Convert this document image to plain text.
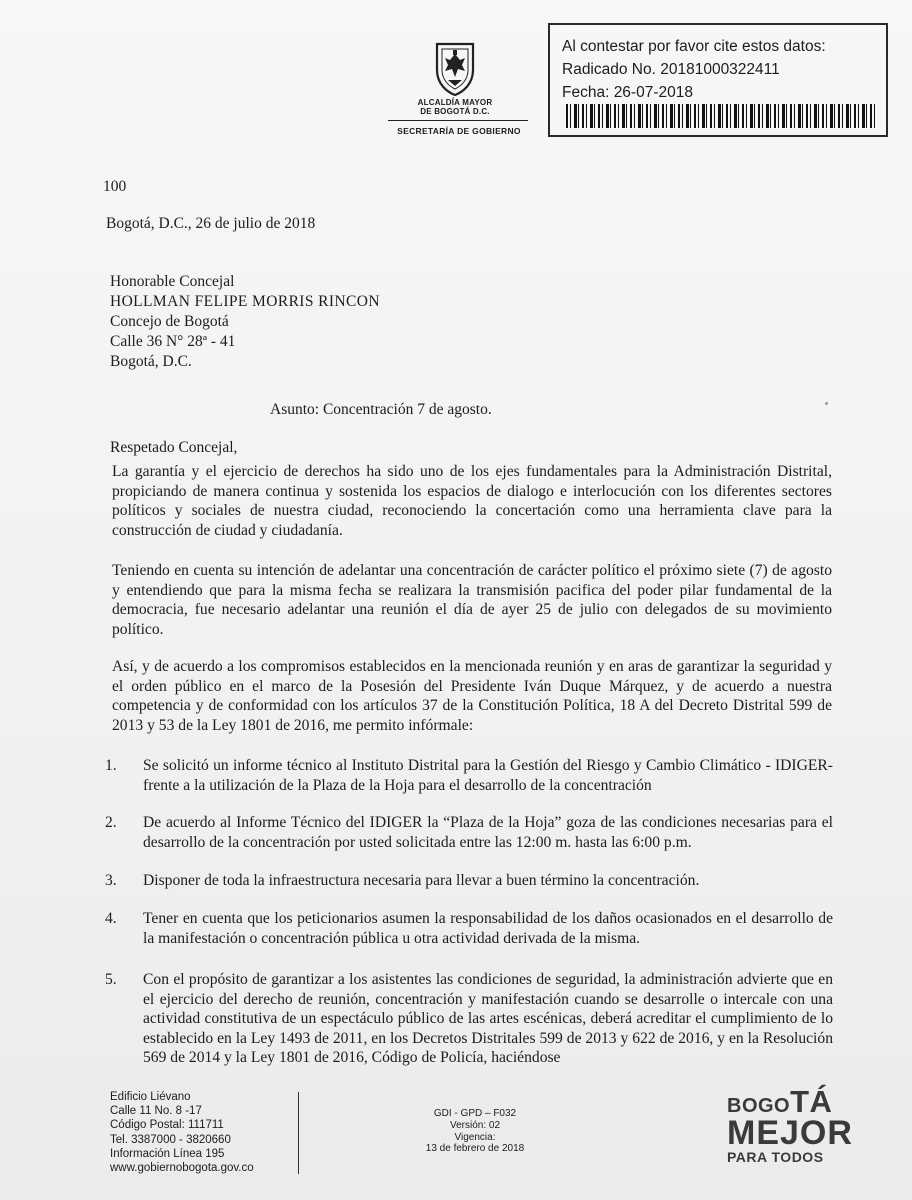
ALCALDÍA MAYOR
DE BOGOTÁ D.C.
SECRETARÍA DE GOBIERNO
Al contestar por favor cite estos datos:
Radicado No. 20181000322411
Fecha: 26-07-2018
100
Bogotá, D.C., 26 de julio de 2018
Honorable Concejal
HOLLMAN FELIPE MORRIS RINCON
Concejo de Bogotá
Calle 36 N° 28ª - 41
Bogotá, D.C.
Asunto: Concentración 7 de agosto.
Respetado Concejal,
La garantía y el ejercicio de derechos ha sido uno de los ejes fundamentales para la Administración Distrital, propiciando de manera continua y sostenida los espacios de dialogo e interlocución con los diferentes sectores políticos y sociales de nuestra ciudad, reconociendo la concertación como una herramienta clave para la construcción de ciudad y ciudadanía.
Teniendo en cuenta su intención de adelantar una concentración de carácter político el próximo siete (7) de agosto y entendiendo que para la misma fecha se realizara la transmisión pacifica del poder pilar fundamental de la democracia, fue necesario adelantar una reunión el día de ayer 25 de julio con delegados de su movimiento político.
Así, y de acuerdo a los compromisos establecidos en la mencionada reunión y en aras de garantizar la seguridad y el orden público en el marco de la Posesión del Presidente Iván Duque Márquez, y de acuerdo a nuestra competencia y de conformidad con los artículos 37 de la Constitución Política, 18 A del Decreto Distrital 599 de 2013 y 53 de la Ley 1801 de 2016, me permito infórmale:
1. Se solicitó un informe técnico al Instituto Distrital para la Gestión del Riesgo y Cambio Climático - IDIGER- frente a la utilización de la Plaza de la Hoja para el desarrollo de la concentración
2. De acuerdo al Informe Técnico del IDIGER la “Plaza de la Hoja” goza de las condiciones necesarias para el desarrollo de la concentración por usted solicitada entre las 12:00 m. hasta las 6:00 p.m.
3. Disponer de toda la infraestructura necesaria para llevar a buen término la concentración.
4. Tener en cuenta que los peticionarios asumen la responsabilidad de los daños ocasionados en el desarrollo de la manifestación o concentración pública u otra actividad derivada de la misma.
5. Con el propósito de garantizar a los asistentes las condiciones de seguridad, la administración advierte que en el ejercicio del derecho de reunión, concentración y manifestación cuando se desarrolle o intercale con una actividad constitutiva de un espectáculo público de las artes escénicas, deberá acreditar el cumplimiento de lo establecido en la Ley 1493 de 2011, en los Decretos Distritales 599 de 2013 y 622 de 2016, y en la Resolución 569 de 2014 y la Ley 1801 de 2016, Código de Policía, haciéndose
Edificio Liévano
Calle 11 No. 8 -17
Código Postal: 111711
Tel. 3387000 - 3820660
Información Línea 195
www.gobiernobogota.gov.co
GDI - GPD – F032
Versión: 02
Vigencia:
13 de febrero de 2018
BOGOTÁ
MEJOR
PARA TODOS
